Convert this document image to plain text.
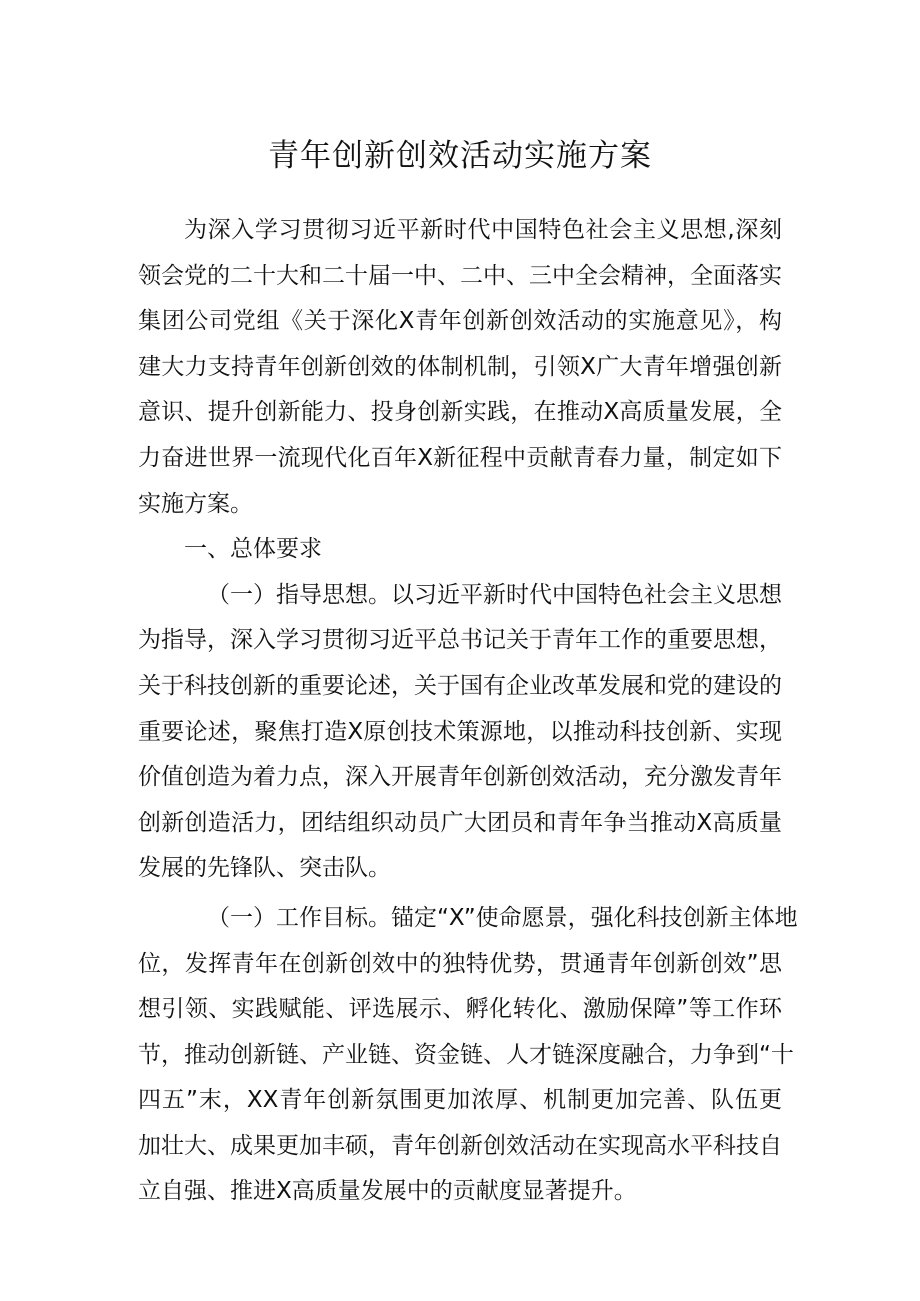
青年创新创效活动实施方案
为深入学习贯彻习近平新时代中国特色社会主义思想,深刻
领会党的二十大和二十届一中、二中、三中全会精神，全面落实
集团公司党组《关于深化X青年创新创效活动的实施意见》，构
建大力支持青年创新创效的体制机制，引领X广大青年增强创新
意识、提升创新能力、投身创新实践，在推动X高质量发展，全
力奋进世界一流现代化百年X新征程中贡献青春力量，制定如下
实施方案。
一、总体要求
（一）指导思想。以习近平新时代中国特色社会主义思想
为指导，深入学习贯彻习近平总书记关于青年工作的重要思想，
关于科技创新的重要论述，关于国有企业改革发展和党的建设的
重要论述，聚焦打造X原创技术策源地，以推动科技创新、实现
价值创造为着力点，深入开展青年创新创效活动，充分激发青年
创新创造活力，团结组织动员广大团员和青年争当推动X高质量
发展的先锋队、突击队。
（一）工作目标。锚定“X”使命愿景，强化科技创新主体地
位，发挥青年在创新创效中的独特优势，贯通青年创新创效”思
想引领、实践赋能、评选展示、孵化转化、激励保障”等工作环
节，推动创新链、产业链、资金链、人才链深度融合，力争到“十
四五”末，XX青年创新氛围更加浓厚、机制更加完善、队伍更
加壮大、成果更加丰硕，青年创新创效活动在实现高水平科技自
立自强、推进X高质量发展中的贡献度显著提升。
